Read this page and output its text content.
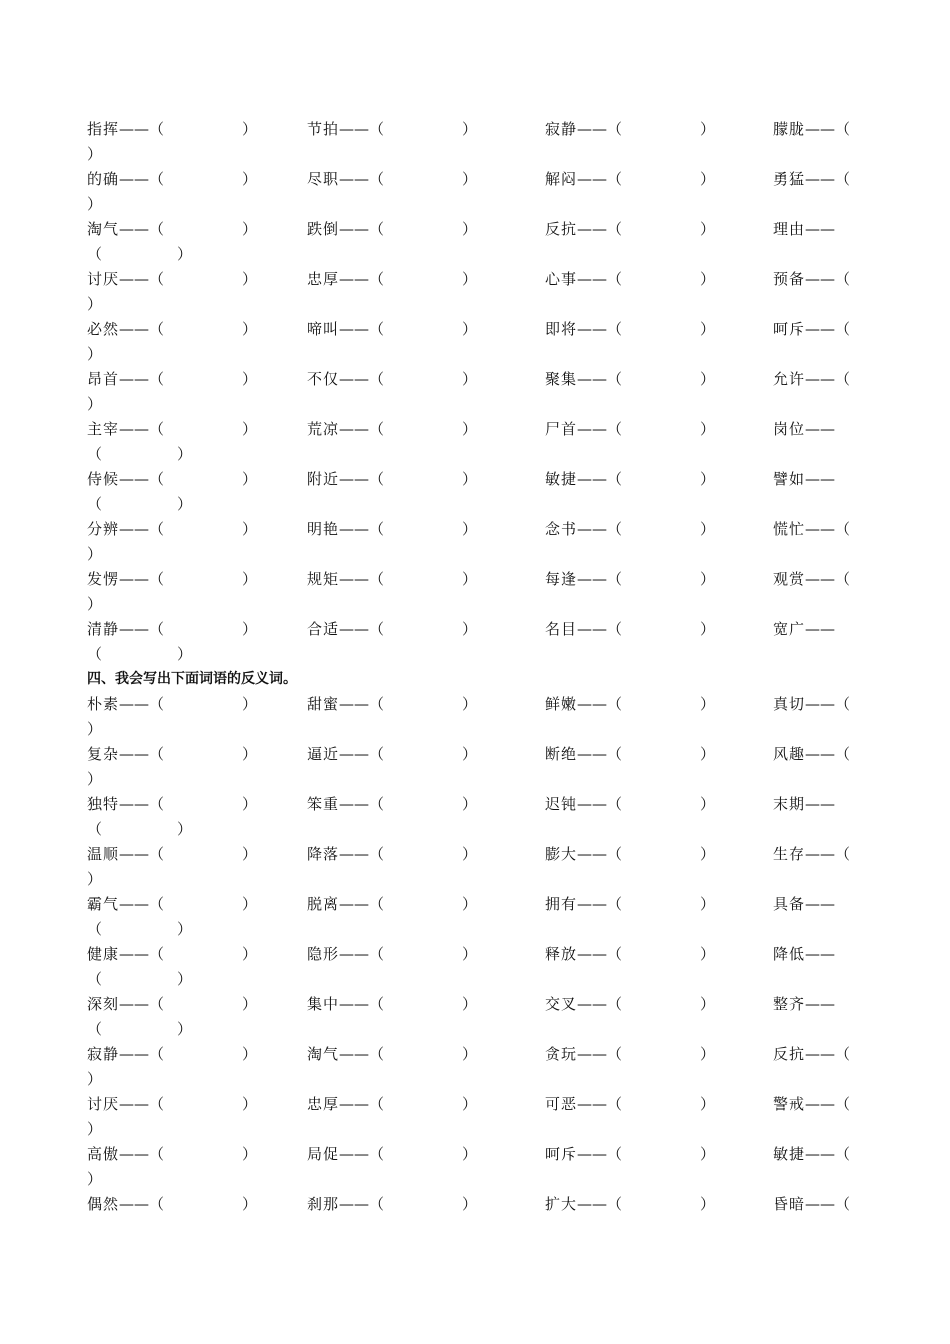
指挥——（	）	节拍——（	）	寂静——（	）	朦胧——（
）
的确——（	）	尽职——（	）	解闷——（	）	勇猛——（
）
淘气——（	）	跌倒——（	）	反抗——（	）	理由——
（　　　　　）
讨厌——（	）	忠厚——（	）	心事——（	）	预备——（
）
必然——（	）	啼叫——（	）	即将——（	）	呵斥——（
）
昂首——（	）	不仅——（	）	聚集——（	）	允许——（
）
主宰——（	）	荒凉——（	）	尸首——（	）	岗位——
（　　　　　）
侍候——（	）	附近——（	）	敏捷——（	）	譬如——
（　　　　　）
分辨——（	）	明艳——（	）	念书——（	）	慌忙——（
）
发愣——（	）	规矩——（	）	每逢——（	）	观赏——（
）
清静——（	）	合适——（	）	名目——（	）	宽广——
（　　　　　）
四、我会写出下面词语的反义词。
朴素——（	）	甜蜜——（	）	鲜嫩——（	）	真切——（
）
复杂——（	）	逼近——（	）	断绝——（	）	风趣——（
）
独特——（	）	笨重——（	）	迟钝——（	）	末期——
（　　　　　）
温顺——（	）	降落——（	）	膨大——（	）	生存——（
）
霸气——（	）	脱离——（	）	拥有——（	）	具备——
（　　　　　）
健康——（	）	隐形——（	）	释放——（	）	降低——
（　　　　　）
深刻——（	）	集中——（	）	交叉——（	）	整齐——
（　　　　　）
寂静——（	）	淘气——（	）	贪玩——（	）	反抗——（
）
讨厌——（	）	忠厚——（	）	可恶——（	）	警戒——（
）
高傲——（	）	局促——（	）	呵斥——（	）	敏捷——（
）
偶然——（	）	刹那——（	）	扩大——（	）	昏暗——（
